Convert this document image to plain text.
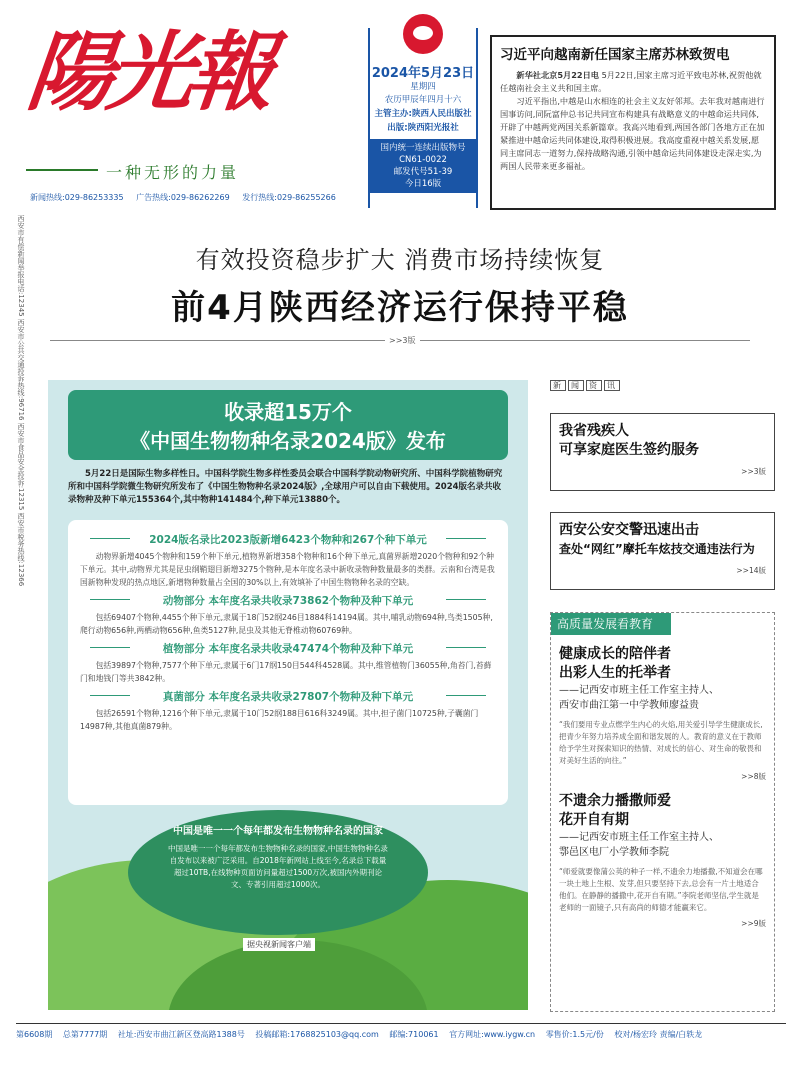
陽光報
一种无形的力量
2024年5月23日
星期四
农历甲辰年四月十六
主管主办:陕西人民出版社
出版:陕西阳光报社
国内统一连续出版物号
CN61-0022
邮发代号51-39
今日16版
新闻热线:029-86253335 广告热线:029-86262269 发行热线:029-86255266
西安市有偿新闻举报电话:12345 西安市公共交通投诉热线:96716 西安市食品安全投诉:12315 西安市税务热线:12366
习近平向越南新任国家主席苏林致贺电

新华社北京5月22日电 5月22日,国家主席习近平致电苏林,祝贺他就任越南社会主义共和国主席。

习近平指出,中越是山水相连的社会主义友好邻邦。去年我对越南进行国事访问,同阮富仲总书记共同宣布构建具有战略意义的中越命运共同体,开辟了中越两党两国关系新篇章。我高兴地看到,两国各部门各地方正在加紧推进中越命运共同体建设,取得积极进展。我高度重视中越关系发展,愿同主席同志一道努力,保持战略沟通,引领中越命运共同体建设走深走实,为两国人民带来更多福祉。

有效投资稳步扩大 消费市场持续恢复
前4月陕西经济运行保持平稳
>>3版
收录超15万个
《中国生物物种名录2024版》发布
5月22日是国际生物多样性日。中国科学院生物多样性委员会联合中国科学院动物研究所、中国科学院植物研究所和中国科学院微生物研究所发布了《中国生物物种名录2024版》,全球用户可以自由下载使用。2024版名录共收录物种及种下单元155364个,其中物种141484个,种下单元13880个。
2024版名录比2023版新增6423个物种和267个种下单元
动物界新增4045个物种和159个种下单元,植物界新增358个物种和16个种下单元,真菌界新增2020个物种和92个种下单元。其中,动物界尤其是昆虫纲鞘翅目新增3275个物种,是本年度名录中新收录物种数量最多的类群。云南和台湾是我国新物种发现的热点地区,新增物种数量占全国的30%以上,有效填补了中国生物物种名录的空缺。
动物部分 本年度名录共收录73862个物种及种下单元
包括69407个物种,4455个种下单元,隶属于18门52纲246目1884科14194属。其中,哺乳动物694种,鸟类1505种,爬行动物656种,两栖动物656种,鱼类5127种,昆虫及其他无脊椎动物60769种。
植物部分 本年度名录共收录47474个物种及种下单元
包括39897个物种,7577个种下单元,隶属于6门17纲150目544科4528属。其中,维管植物门36055种,角苔门,苔藓门和地钱门等共3842种。
真菌部分 本年度名录共收录27807个物种及种下单元
包括26591个物种,1216个种下单元,隶属于10门52纲188目616科3249属。其中,担子菌门10725种,子囊菌门14987种,其他真菌879种。
中国是唯一一个每年都发布生物物种名录的国家
中国是唯一一个每年都发布生物物种名录的国家,中国生物物种名录自发布以来被广泛采用。自2018年新网站上线至今,名录总下载量超过10TB,在线物种页面访问量超过1500万次,被国内外期刊论文、专著引用超过1000次。
据央视新闻客户端
新 闻 资 讯
我省残疾人
可享家庭医生签约服务
>>3版
西安公安交警迅速出击
查处“网红”摩托车炫技交通违法行为
>>14版
高质量发展看教育
健康成长的陪伴者
出彩人生的托举者
——记西安市班主任工作室主持人、
西安市曲江第一中学教师廖益贵
“我们要用专业点燃学生内心的火焰,用关爱引导学生健康成长,把青少年努力培养成全面和谐发展的人。教育的意义在于教师给予学生对探索知识的热情、对成长的信心、对生命的敬畏和对美好生活的向往。”
>>8版
不遗余力播撒师爱
花开自有期
——记西安市班主任工作室主持人、
鄠邑区电厂小学教师李院
“师爱就要像蒲公英的种子一样,不遗余力地播撒,不知道会在哪一块土地上生根、发芽,但只要坚持下去,总会有一片土地适合他们。在静静的播撒中,花开自有期。”李院老师坚信,学生就是老师的一面镜子,只有高尚的师德才能赢来它。
>>9版
第6608期 总第7777期 社址:西安市曲江新区登高路1388号 投稿邮箱:1768825103@qq.com 邮编:710061 官方网址:www.iygw.cn 零售价:1.5元/份 校对/杨宏玲 责编/白轶龙
